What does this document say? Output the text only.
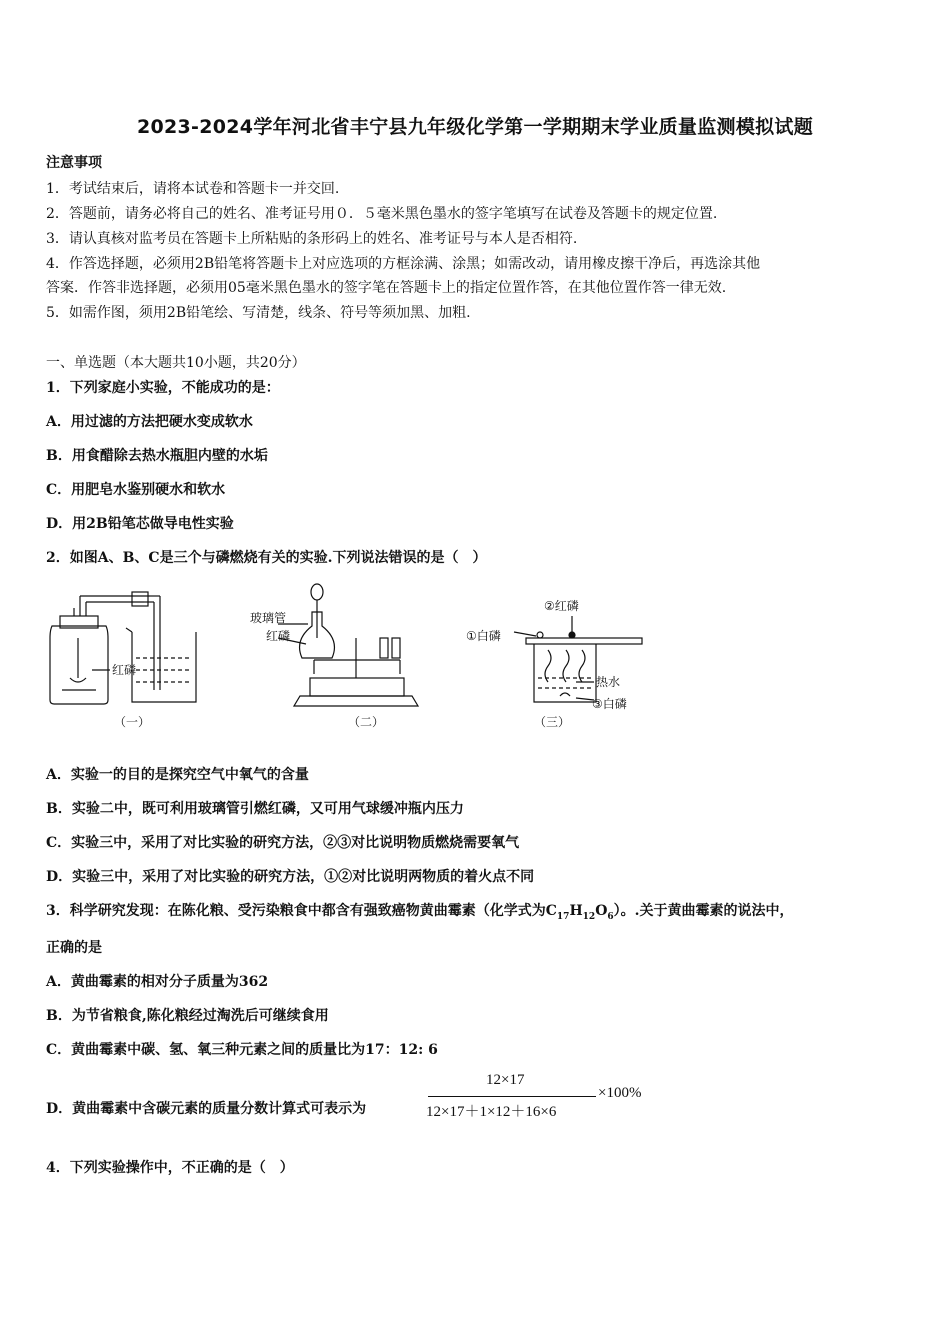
2023-2024学年河北省丰宁县九年级化学第一学期期末学业质量监测模拟试题
注意事项
1．考试结束后，请将本试卷和答题卡一并交回.
2．答题前，请务必将自己的姓名、准考证号用０．５毫米黑色墨水的签字笔填写在试卷及答题卡的规定位置.
3．请认真核对监考员在答题卡上所粘贴的条形码上的姓名、准考证号与本人是否相符.
4．作答选择题，必须用2B铅笔将答题卡上对应选项的方框涂满、涂黑；如需改动，请用橡皮擦干净后，再选涂其他
答案．作答非选择题，必须用05毫米黑色墨水的签字笔在答题卡上的指定位置作答，在其他位置作答一律无效.
5．如需作图，须用2B铅笔绘、写清楚，线条、符号等须加黑、加粗.
一、单选题（本大题共10小题，共20分）
1．下列家庭小实验，不能成功的是：
A．用过滤的方法把硬水变成软水
B．用食醋除去热水瓶胆内壁的水垢
C．用肥皂水鉴别硬水和软水
D．用2B铅笔芯做导电性实验
2．如图A、B、C是三个与磷燃烧有关的实验.下列说法错误的是（　）
红磷
（一）
玻璃管
红磷
（二）
②红磷
①白磷
热水
③白磷
（三）
A．实验一的目的是探究空气中氧气的含量
B．实验二中，既可利用玻璃管引燃红磷，又可用气球缓冲瓶内压力
C．实验三中，采用了对比实验的研究方法，②③对比说明物质燃烧需要氧气
D．实验三中，采用了对比实验的研究方法，①②对比说明两物质的着火点不同
3．科学研究发现：在陈化粮、受污染粮食中都含有强致癌物黄曲霉素（化学式为$C_{17}H_{12}O_6$）。.关于黄曲霉素的说法中，
正确的是
A．黄曲霉素的相对分子质量为362
B．为节省粮食,陈化粮经过淘洗后可继续食用
C．黄曲霉素中碳、氢、氧三种元素之间的质量比为17：12: 6
D．黄曲霉素中含碳元素的质量分数计算式可表示为
12×17
12×17＋1×12＋16×6
×100%
4．下列实验操作中，不正确的是（　）
